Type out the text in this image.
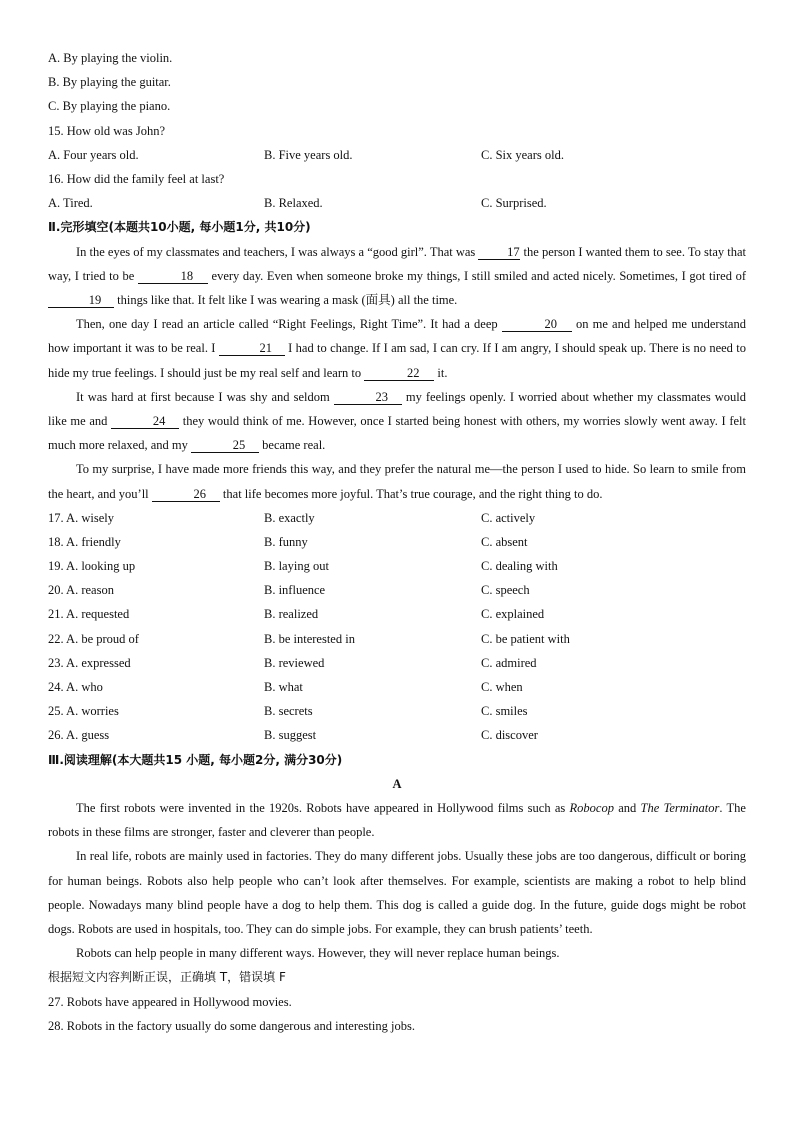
A. By playing the violin.
B. By playing the guitar.
C. By playing the piano.
15. How old was John?
A. Four years old.	B. Five years old.	C. Six years old.
16. How did the family feel at last?
A. Tired.	B. Relaxed.	C. Surprised.
Ⅱ.完形填空(本题共10小题, 每小题1分, 共10分)
In the eyes of my classmates and teachers, I was always a “good girl”. That was 17 the person I wanted them to see. To stay that way, I tried to be	18 every day. Even when someone broke my things, I still smiled and acted nicely. Sometimes, I got tired of 19 things like that. It felt like I was wearing a mask (面具) all the time.
Then, one day I read an article called “Right Feelings, Right Time”. It had a deep	20 on me and helped me understand how important it was to be real. I	21 I had to change. If I am sad, I can cry. If I am angry, I should speak up. There is no need to hide my true feelings. I should just be my real self and learn to	22 it.
It was hard at first because I was shy and seldom	23 my feelings openly. I worried about whether my classmates would like me and	24 they would think of me. However, once I started being honest with others, my worries slowly went away. I felt much more relaxed, and my	25 became real.
To my surprise, I have made more friends this way, and they prefer the natural me—the person I used to hide. So learn to smile from the heart, and you’ll	26 that life becomes more joyful. That’s true courage, and the right thing to do.
17. A. wisely	B. exactly	C. actively
18. A. friendly	B. funny	C. absent
19. A. looking up	B. laying out	C. dealing with
20. A. reason	B. influence	C. speech
21. A. requested	B. realized	C. explained
22. A. be proud of	B. be interested in	C. be patient with
23. A. expressed	B. reviewed	C. admired
24. A. who	B. what	C. when
25. A. worries	B. secrets	C. smiles
26. A. guess	B. suggest	C. discover
Ⅲ.阅读理解(本大题共15 小题, 每小题2分, 满分30分)
A
The first robots were invented in the 1920s. Robots have appeared in Hollywood films such as Robocop and The Terminator. The robots in these films are stronger, faster and cleverer than people.
In real life, robots are mainly used in factories. They do many different jobs. Usually these jobs are too dangerous, difficult or boring for human beings. Robots also help people who can’t look after themselves. For example, scientists are making a robot to help blind people. Nowadays many blind people have a dog to help them. This dog is called a guide dog. In the future, guide dogs might be robot dogs. Robots are used in hospitals, too. They can do simple jobs. For example, they can brush patients’ teeth.
Robots can help people in many different ways. However, they will never replace human beings.
根据短文内容判断正误，正确填 T，错误填 F
27. Robots have appeared in Hollywood movies.
28. Robots in the factory usually do some dangerous and interesting jobs.
